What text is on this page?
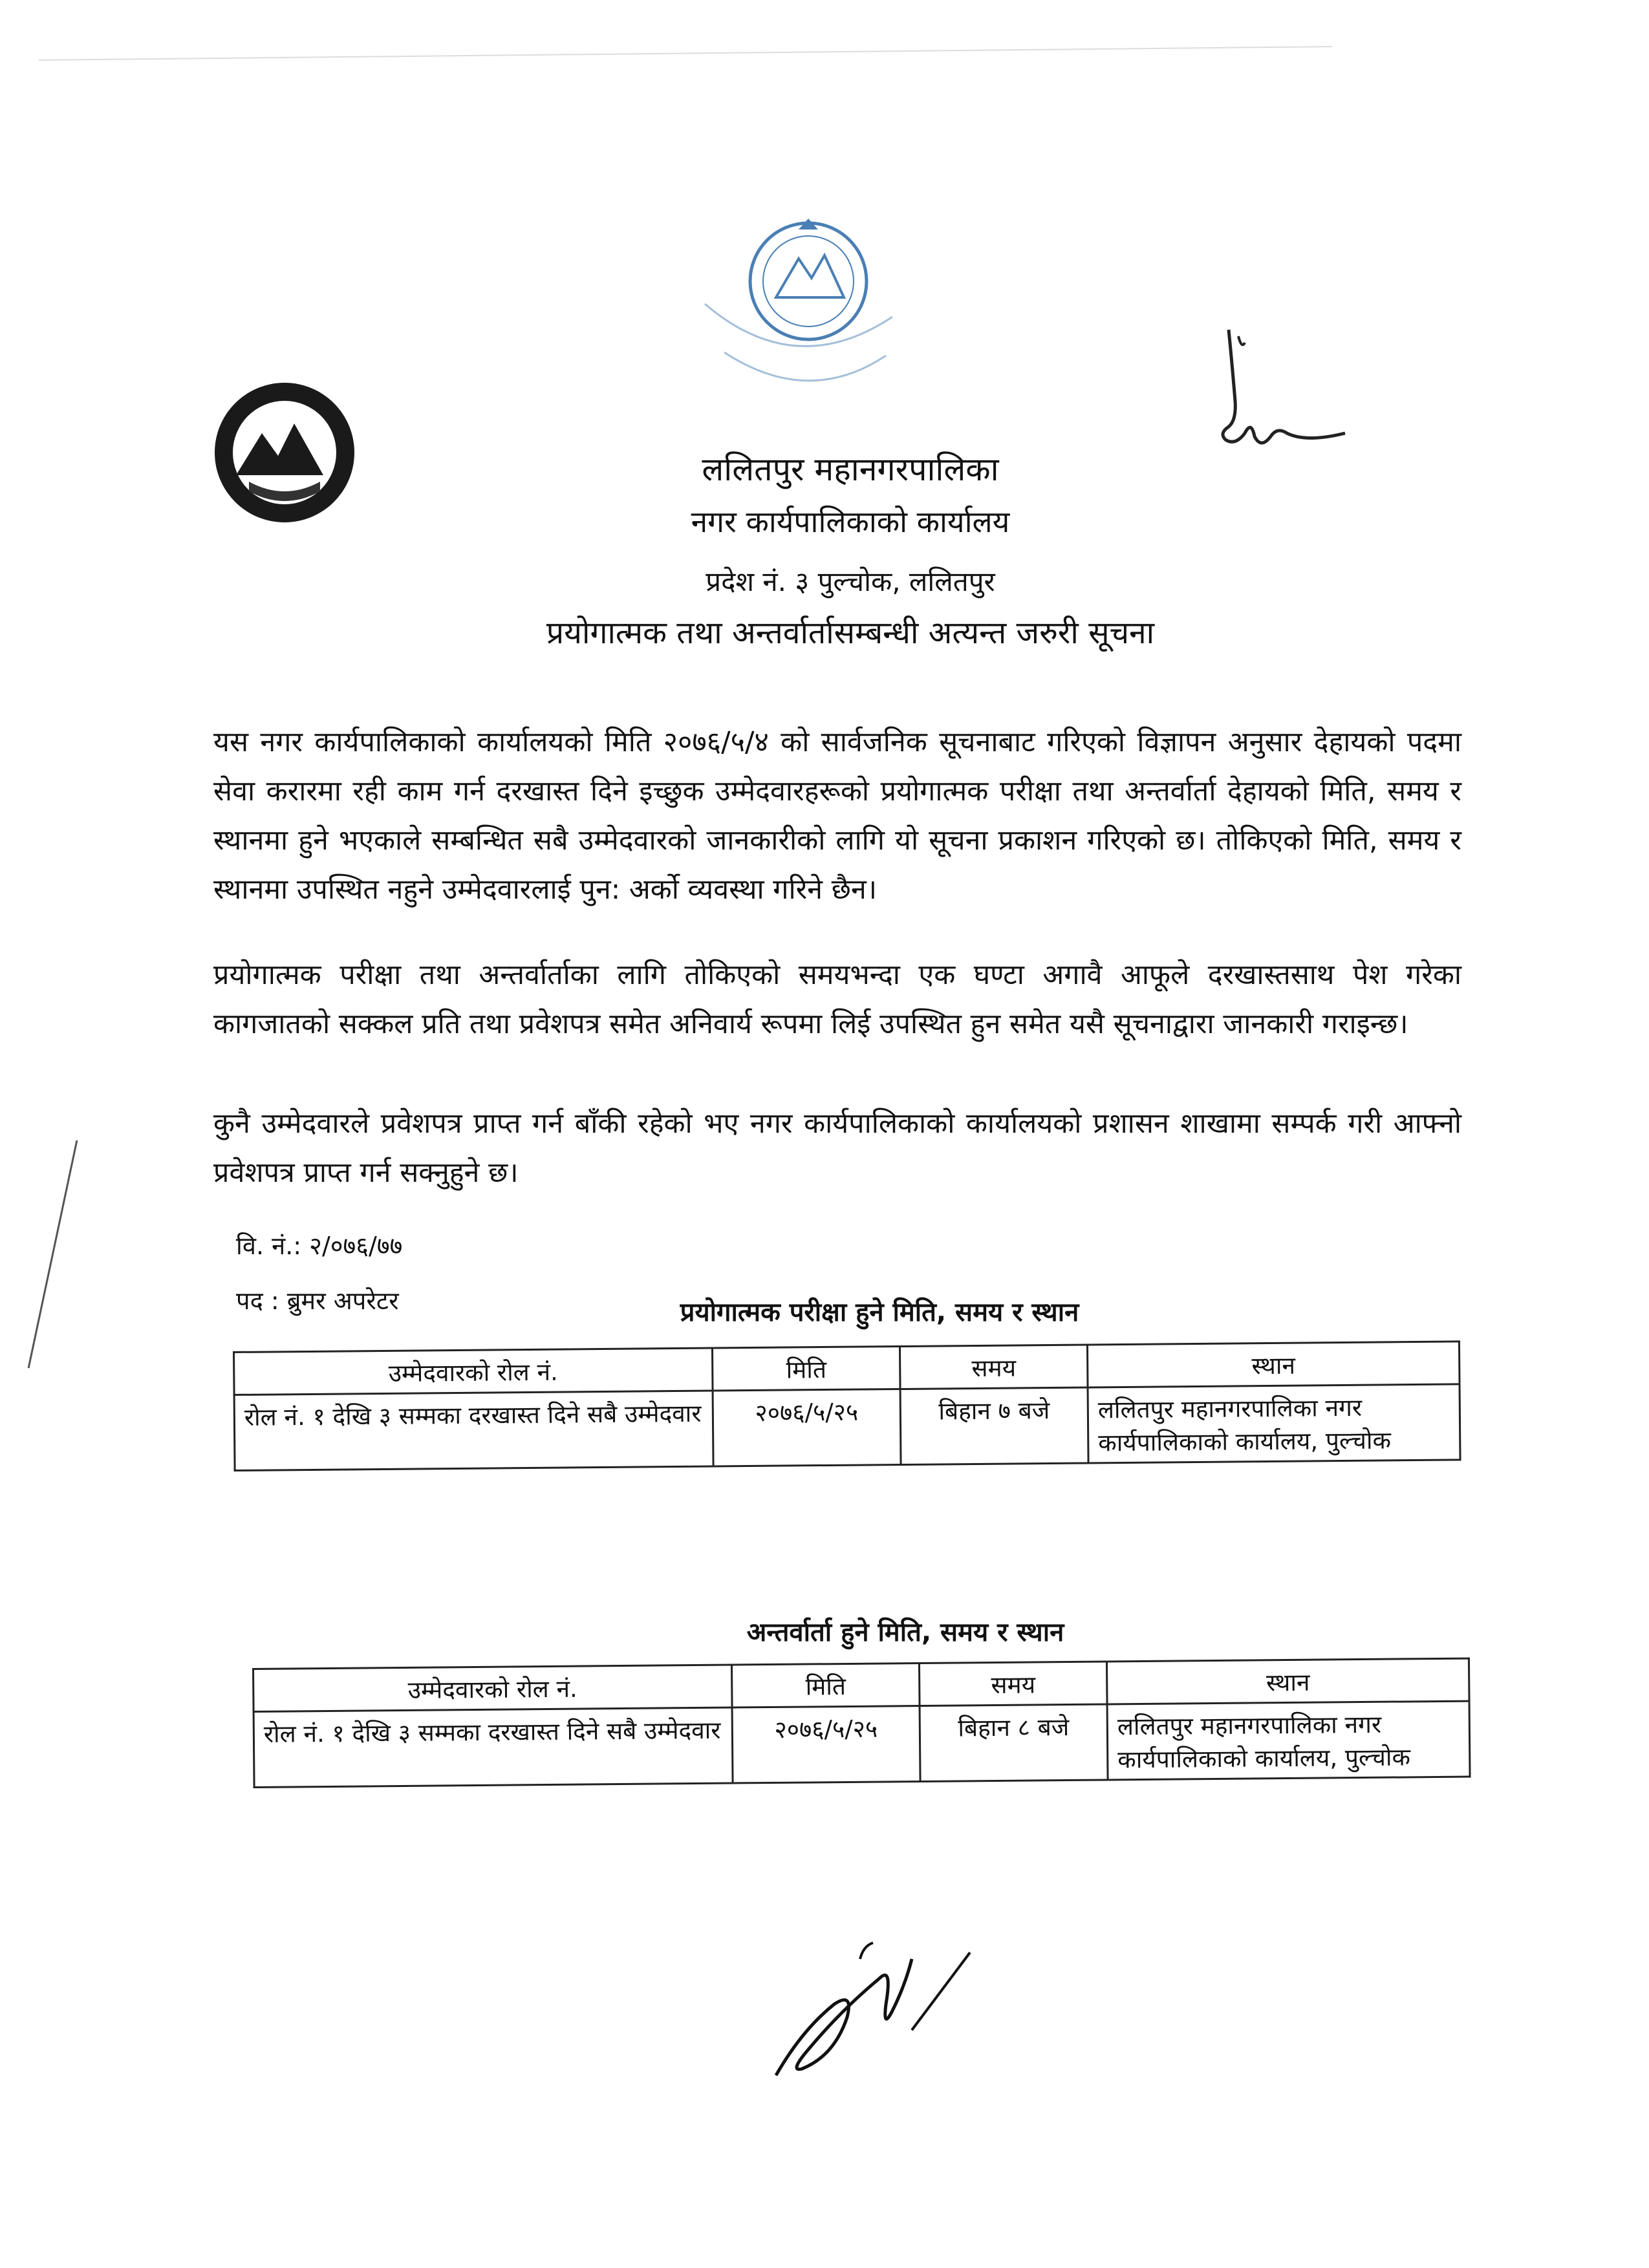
ललितपुर महानगरपालिका
नगर कार्यपालिकाको कार्यालय
प्रदेश नं. ३ पुल्चोक, ललितपुर
प्रयोगात्मक तथा अन्तर्वार्तासम्बन्धी अत्यन्त जरुरी सूचना
यस नगर कार्यपालिकाको कार्यालयको मिति २०७६/५/४ को सार्वजनिक सूचनाबाट गरिएको विज्ञापन अनुसार देहायको पदमा सेवा करारमा रही काम गर्न दरखास्त दिने इच्छुक उम्मेदवारहरूको प्रयोगात्मक परीक्षा तथा अन्तर्वार्ता देहायको मिति, समय र स्थानमा हुने भएकाले सम्बन्धित सबै उम्मेदवारको जानकारीको लागि यो सूचना प्रकाशन गरिएको छ। तोकिएको मिति, समय र स्थानमा उपस्थित नहुने उम्मेदवारलाई पुन: अर्को व्यवस्था गरिने छैन।
प्रयोगात्मक परीक्षा तथा अन्तर्वार्ताका लागि तोकिएको समयभन्दा एक घण्टा अगावै आफूले दरखास्तसाथ पेश गरेका कागजातको सक्कल प्रति तथा प्रवेशपत्र समेत अनिवार्य रूपमा लिई उपस्थित हुन समेत यसै सूचनाद्वारा जानकारी गराइन्छ।
कुनै उम्मेदवारले प्रवेशपत्र प्राप्त गर्न बाँकी रहेको भए नगर कार्यपालिकाको कार्यालयको प्रशासन शाखामा सम्पर्क गरी आफ्नो प्रवेशपत्र प्राप्त गर्न सक्नुहुने छ।
वि. नं.: २/०७६/७७
पद : ब्रुमर अपरेटर	प्रयोगात्मक परीक्षा हुने मिति, समय र स्थान
उम्मेदवारको रोल नं.	मिति	समय	स्थान
रोल नं. १ देखि ३ सम्मका दरखास्त दिने सबै उम्मेदवार	२०७६/५/२५	बिहान ७ बजे	ललितपुर महानगरपालिका नगर कार्यपालिकाको कार्यालय, पुल्चोक
अन्तर्वार्ता हुने मिति, समय र स्थान
उम्मेदवारको रोल नं.	मिति	समय	स्थान
रोल नं. १ देखि ३ सम्मका दरखास्त दिने सबै उम्मेदवार	२०७६/५/२५	बिहान ८ बजे	ललितपुर महानगरपालिका नगर कार्यपालिकाको कार्यालय, पुल्चोक
